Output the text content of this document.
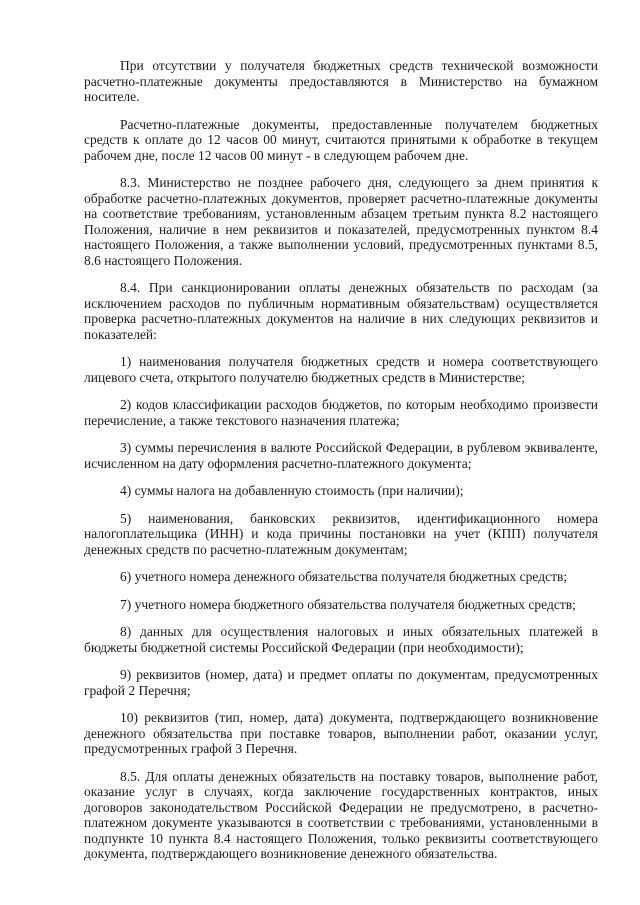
При отсутствии у получателя бюджетных средств технической возможности расчетно-платежные документы предоставляются в Министерство на бумажном носителе.

Расчетно-платежные документы, предоставленные получателем бюджетных средств к оплате до 12 часов 00 минут, считаются принятыми к обработке в текущем рабочем дне, после 12 часов 00 минут - в следующем рабочем дне.

8.3. Министерство не позднее рабочего дня, следующего за днем принятия к обработке расчетно-платежных документов, проверяет расчетно-платежные документы на соответствие требованиям, установленным абзацем третьим пункта 8.2 настоящего Положения, наличие в нем реквизитов и показателей, предусмотренных пунктом 8.4 настоящего Положения, а также выполнении условий, предусмотренных пунктами 8.5, 8.6 настоящего Положения.

8.4. При санкционировании оплаты денежных обязательств по расходам (за исключением расходов по публичным нормативным обязательствам) осуществляется проверка расчетно-платежных документов на наличие в них следующих реквизитов и показателей:

1) наименования получателя бюджетных средств и номера соответствующего лицевого счета, открытого получателю бюджетных средств в Министерстве;

2) кодов классификации расходов бюджетов, по которым необходимо произвести перечисление, а также текстового назначения платежа;

3) суммы перечисления в валюте Российской Федерации, в рублевом эквиваленте, исчисленном на дату оформления расчетно-платежного документа;

4) суммы налога на добавленную стоимость (при наличии);

5) наименования, банковских реквизитов, идентификационного номера налогоплательщика (ИНН) и кода причины постановки на учет (КПП) получателя денежных средств по расчетно-платежным документам;

6) учетного номера денежного обязательства получателя бюджетных средств;

7) учетного номера бюджетного обязательства получателя бюджетных средств;

8) данных для осуществления налоговых и иных обязательных платежей в бюджеты бюджетной системы Российской Федерации (при необходимости);

9) реквизитов (номер, дата) и предмет оплаты по документам, предусмотренных графой 2 Перечня;

10) реквизитов (тип, номер, дата) документа, подтверждающего возникновение денежного обязательства при поставке товаров, выполнении работ, оказании услуг, предусмотренных графой 3 Перечня.

8.5. Для оплаты денежных обязательств на поставку товаров, выполнение работ, оказание услуг в случаях, когда заключение государственных контрактов, иных договоров законодательством Российской Федерации не предусмотрено, в расчетно-платежном документе указываются в соответствии с требованиями, установленными в подпункте 10 пункта 8.4 настоящего Положения, только реквизиты соответствующего документа, подтверждающего возникновение денежного обязательства.
